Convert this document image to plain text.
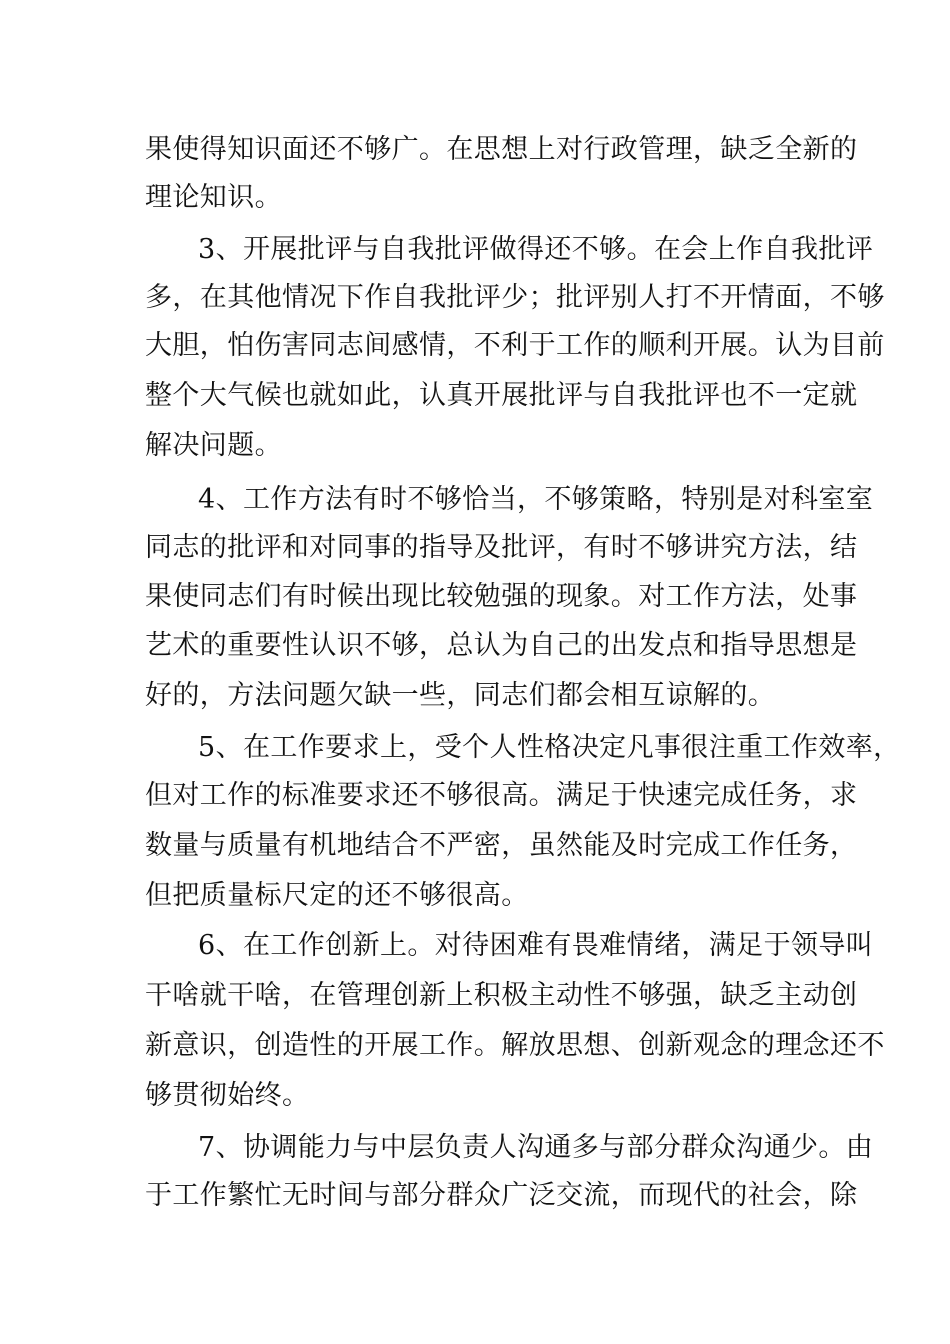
果使得知识面还不够广。在思想上对行政管理，缺乏全新的
理论知识。
3、开展批评与自我批评做得还不够。在会上作自我批评
多，在其他情况下作自我批评少；批评别人打不开情面，不够
大胆，怕伤害同志间感情，不利于工作的顺利开展。认为目前
整个大气候也就如此，认真开展批评与自我批评也不一定就
解决问题。
4、工作方法有时不够恰当，不够策略，特别是对科室室
同志的批评和对同事的指导及批评，有时不够讲究方法，结
果使同志们有时候出现比较勉强的现象。对工作方法，处事
艺术的重要性认识不够，总认为自己的出发点和指导思想是
好的，方法问题欠缺一些，同志们都会相互谅解的。
5、在工作要求上，受个人性格决定凡事很注重工作效率，
但对工作的标准要求还不够很高。满足于快速完成任务，求
数量与质量有机地结合不严密，虽然能及时完成工作任务，
但把质量标尺定的还不够很高。
6、在工作创新上。对待困难有畏难情绪，满足于领导叫
干啥就干啥，在管理创新上积极主动性不够强，缺乏主动创
新意识，创造性的开展工作。解放思想、创新观念的理念还不
够贯彻始终。
7、协调能力与中层负责人沟通多与部分群众沟通少。由
于工作繁忙无时间与部分群众广泛交流，而现代的社会，除
